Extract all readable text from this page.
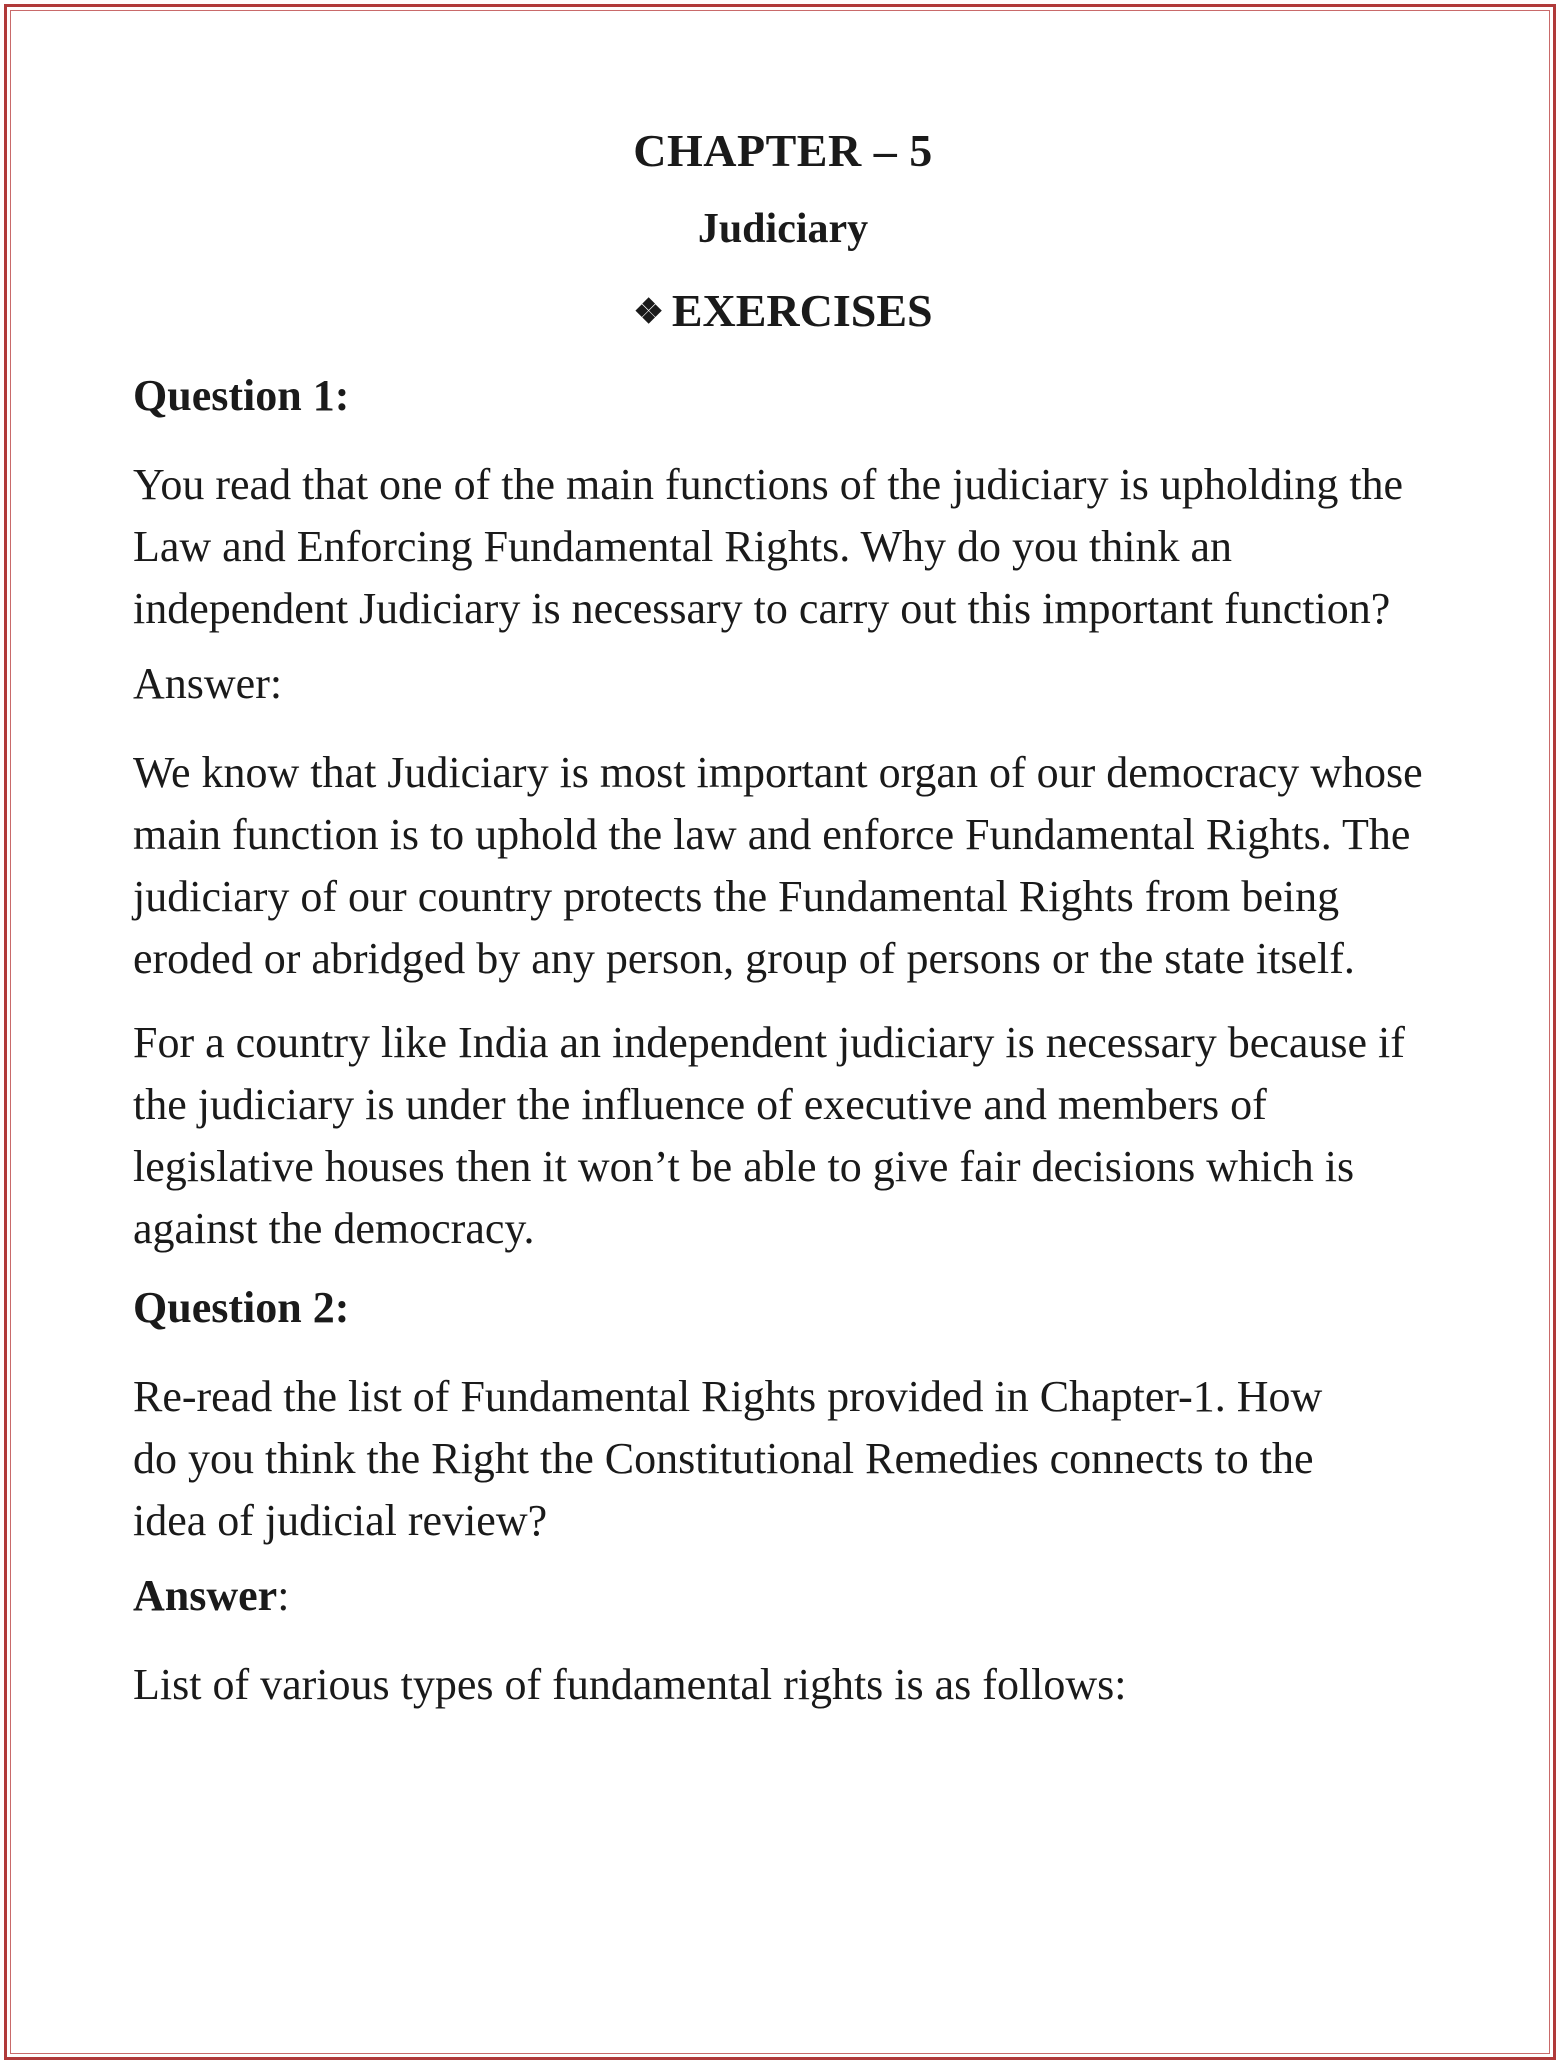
CHAPTER – 5
Judiciary
❖ EXERCISES
Question 1:
You read that one of the main functions of the judiciary is upholding the Law and Enforcing Fundamental Rights. Why do you think an independent Judiciary is necessary to carry out this important function?
Answer:
We know that Judiciary is most important organ of our democracy whose main function is to uphold the law and enforce Fundamental Rights. The judiciary of our country protects the Fundamental Rights from being eroded or abridged by any person, group of persons or the state itself.
For a country like India an independent judiciary is necessary because if the judiciary is under the influence of executive and members of legislative houses then it won’t be able to give fair decisions which is against the democracy.
Question 2:
Re-read the list of Fundamental Rights provided in Chapter-1. How do you think the Right the Constitutional Remedies connects to the idea of judicial review?
Answer:
List of various types of fundamental rights is as follows:
